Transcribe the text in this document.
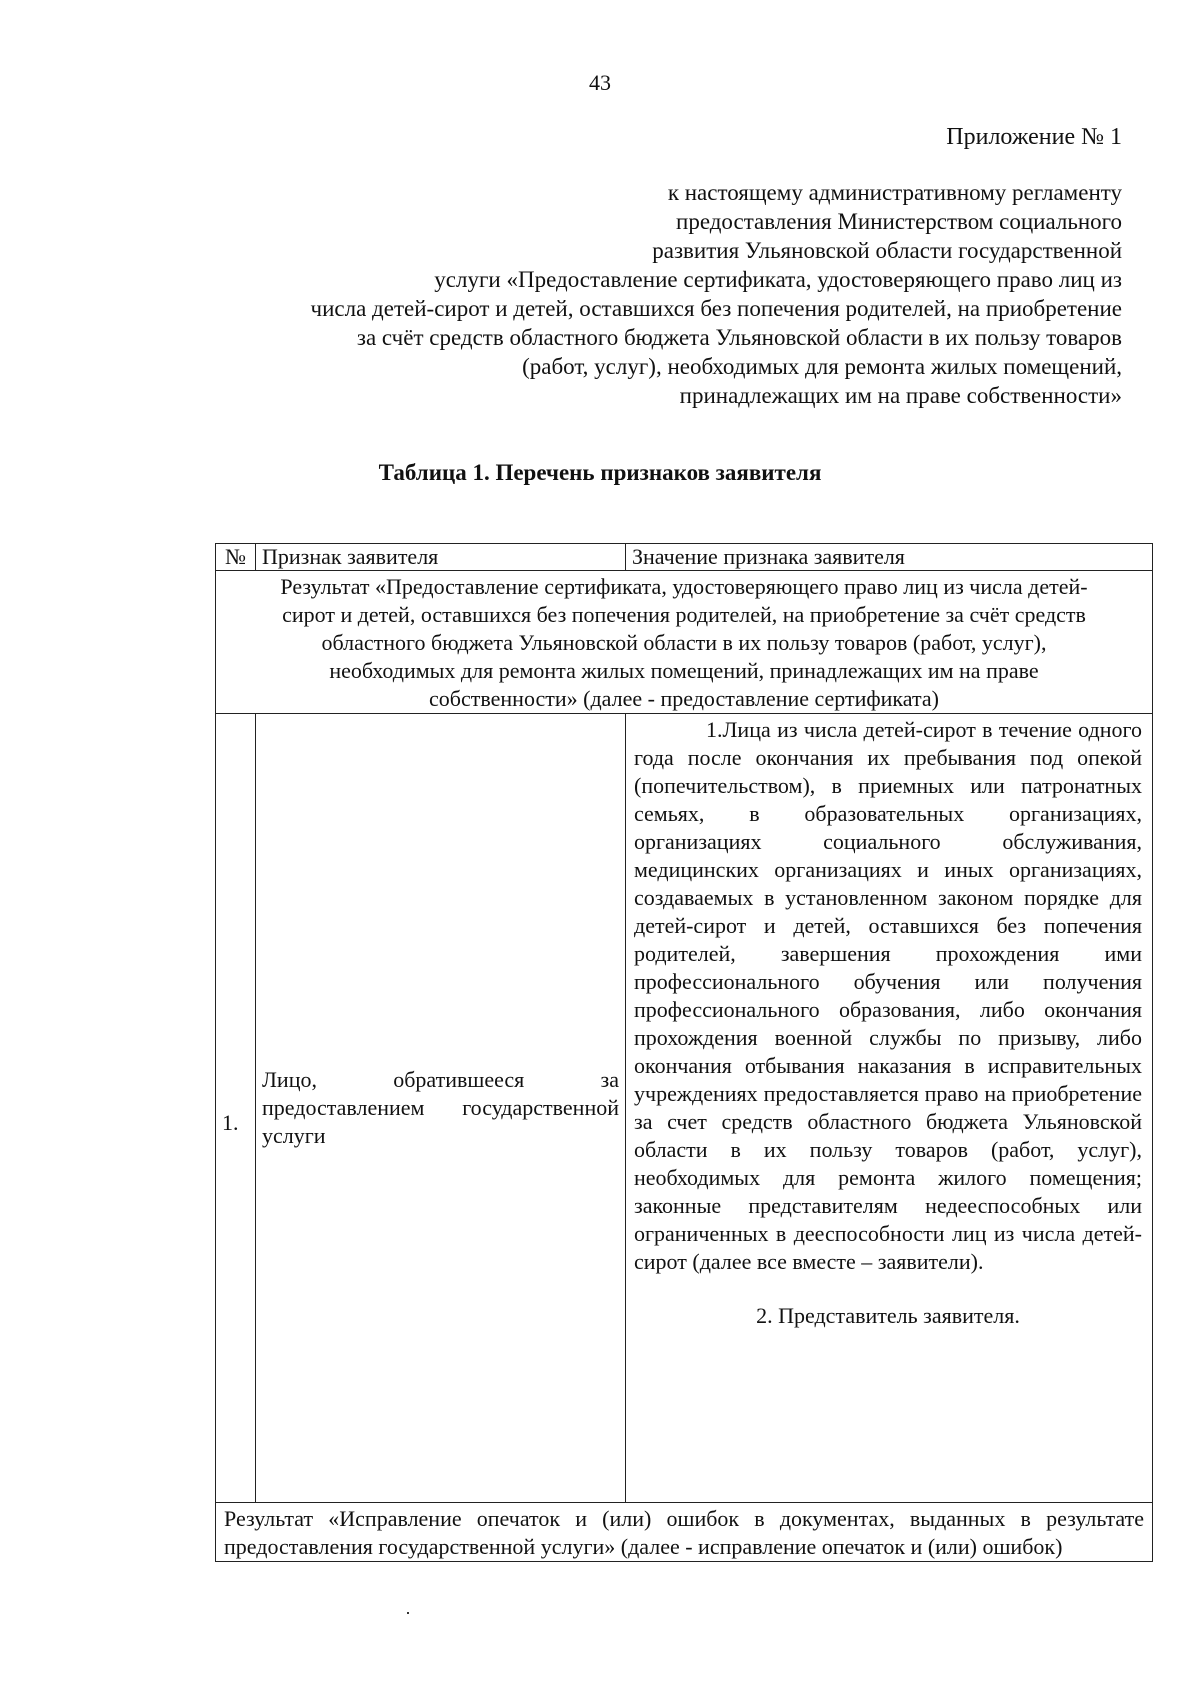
43
Приложение № 1
к настоящему административному регламенту
предоставления Министерством социального
развития Ульяновской области государственной
услуги «Предоставление сертификата, удостоверяющего право лиц из
числа детей-сирот и детей, оставшихся без попечения родителей, на приобретение
за счёт средств областного бюджета Ульяновской области в их пользу товаров
(работ, услуг), необходимых для ремонта жилых помещений,
принадлежащих им на праве собственности»
Таблица 1. Перечень признаков заявителя
№	Признак заявителя	Значение признака заявителя

Результат «Предоставление сертификата, удостоверяющего право лиц из числа детей-
сирот и детей, оставшихся без попечения родителей, на приобретение за счёт средств
областного бюджета Ульяновской области в их пользу товаров (работ, услуг),
необходимых для ремонта жилых помещений, принадлежащих им на праве
собственности» (далее - предоставление сертификата)		

1.	Лицо, обратившееся за предоставлением государственной услуги	1.Лица из числа детей-сирот в течение одного года после окончания их пребывания под опекой (попечительством), в приемных или патронатных семьях, в образовательных организациях, организациях социального обслуживания, медицинских организациях и иных организациях, создаваемых в установленном законом порядке для детей-сирот и детей, оставшихся без попечения родителей, завершения прохождения ими профессионального обучения или получения профессионального образования, либо окончания прохождения военной службы по призыву, либо окончания отбывания наказания в исправительных учреждениях предоставляется право на приобретение за счет средств областного бюджета Ульяновской области в их пользу товаров (работ, услуг), необходимых для ремонта жилого помещения; законные представителям недееспособных или ограниченных в дееспособности лиц из числа детей-сирот (далее все вместе – заявители).
2. Представитель заявителя.

Результат «Исправление опечаток и (или) ошибок в документах, выданных в результате предоставления государственной услуги» (далее - исправление опечаток и (или) ошибок)		
